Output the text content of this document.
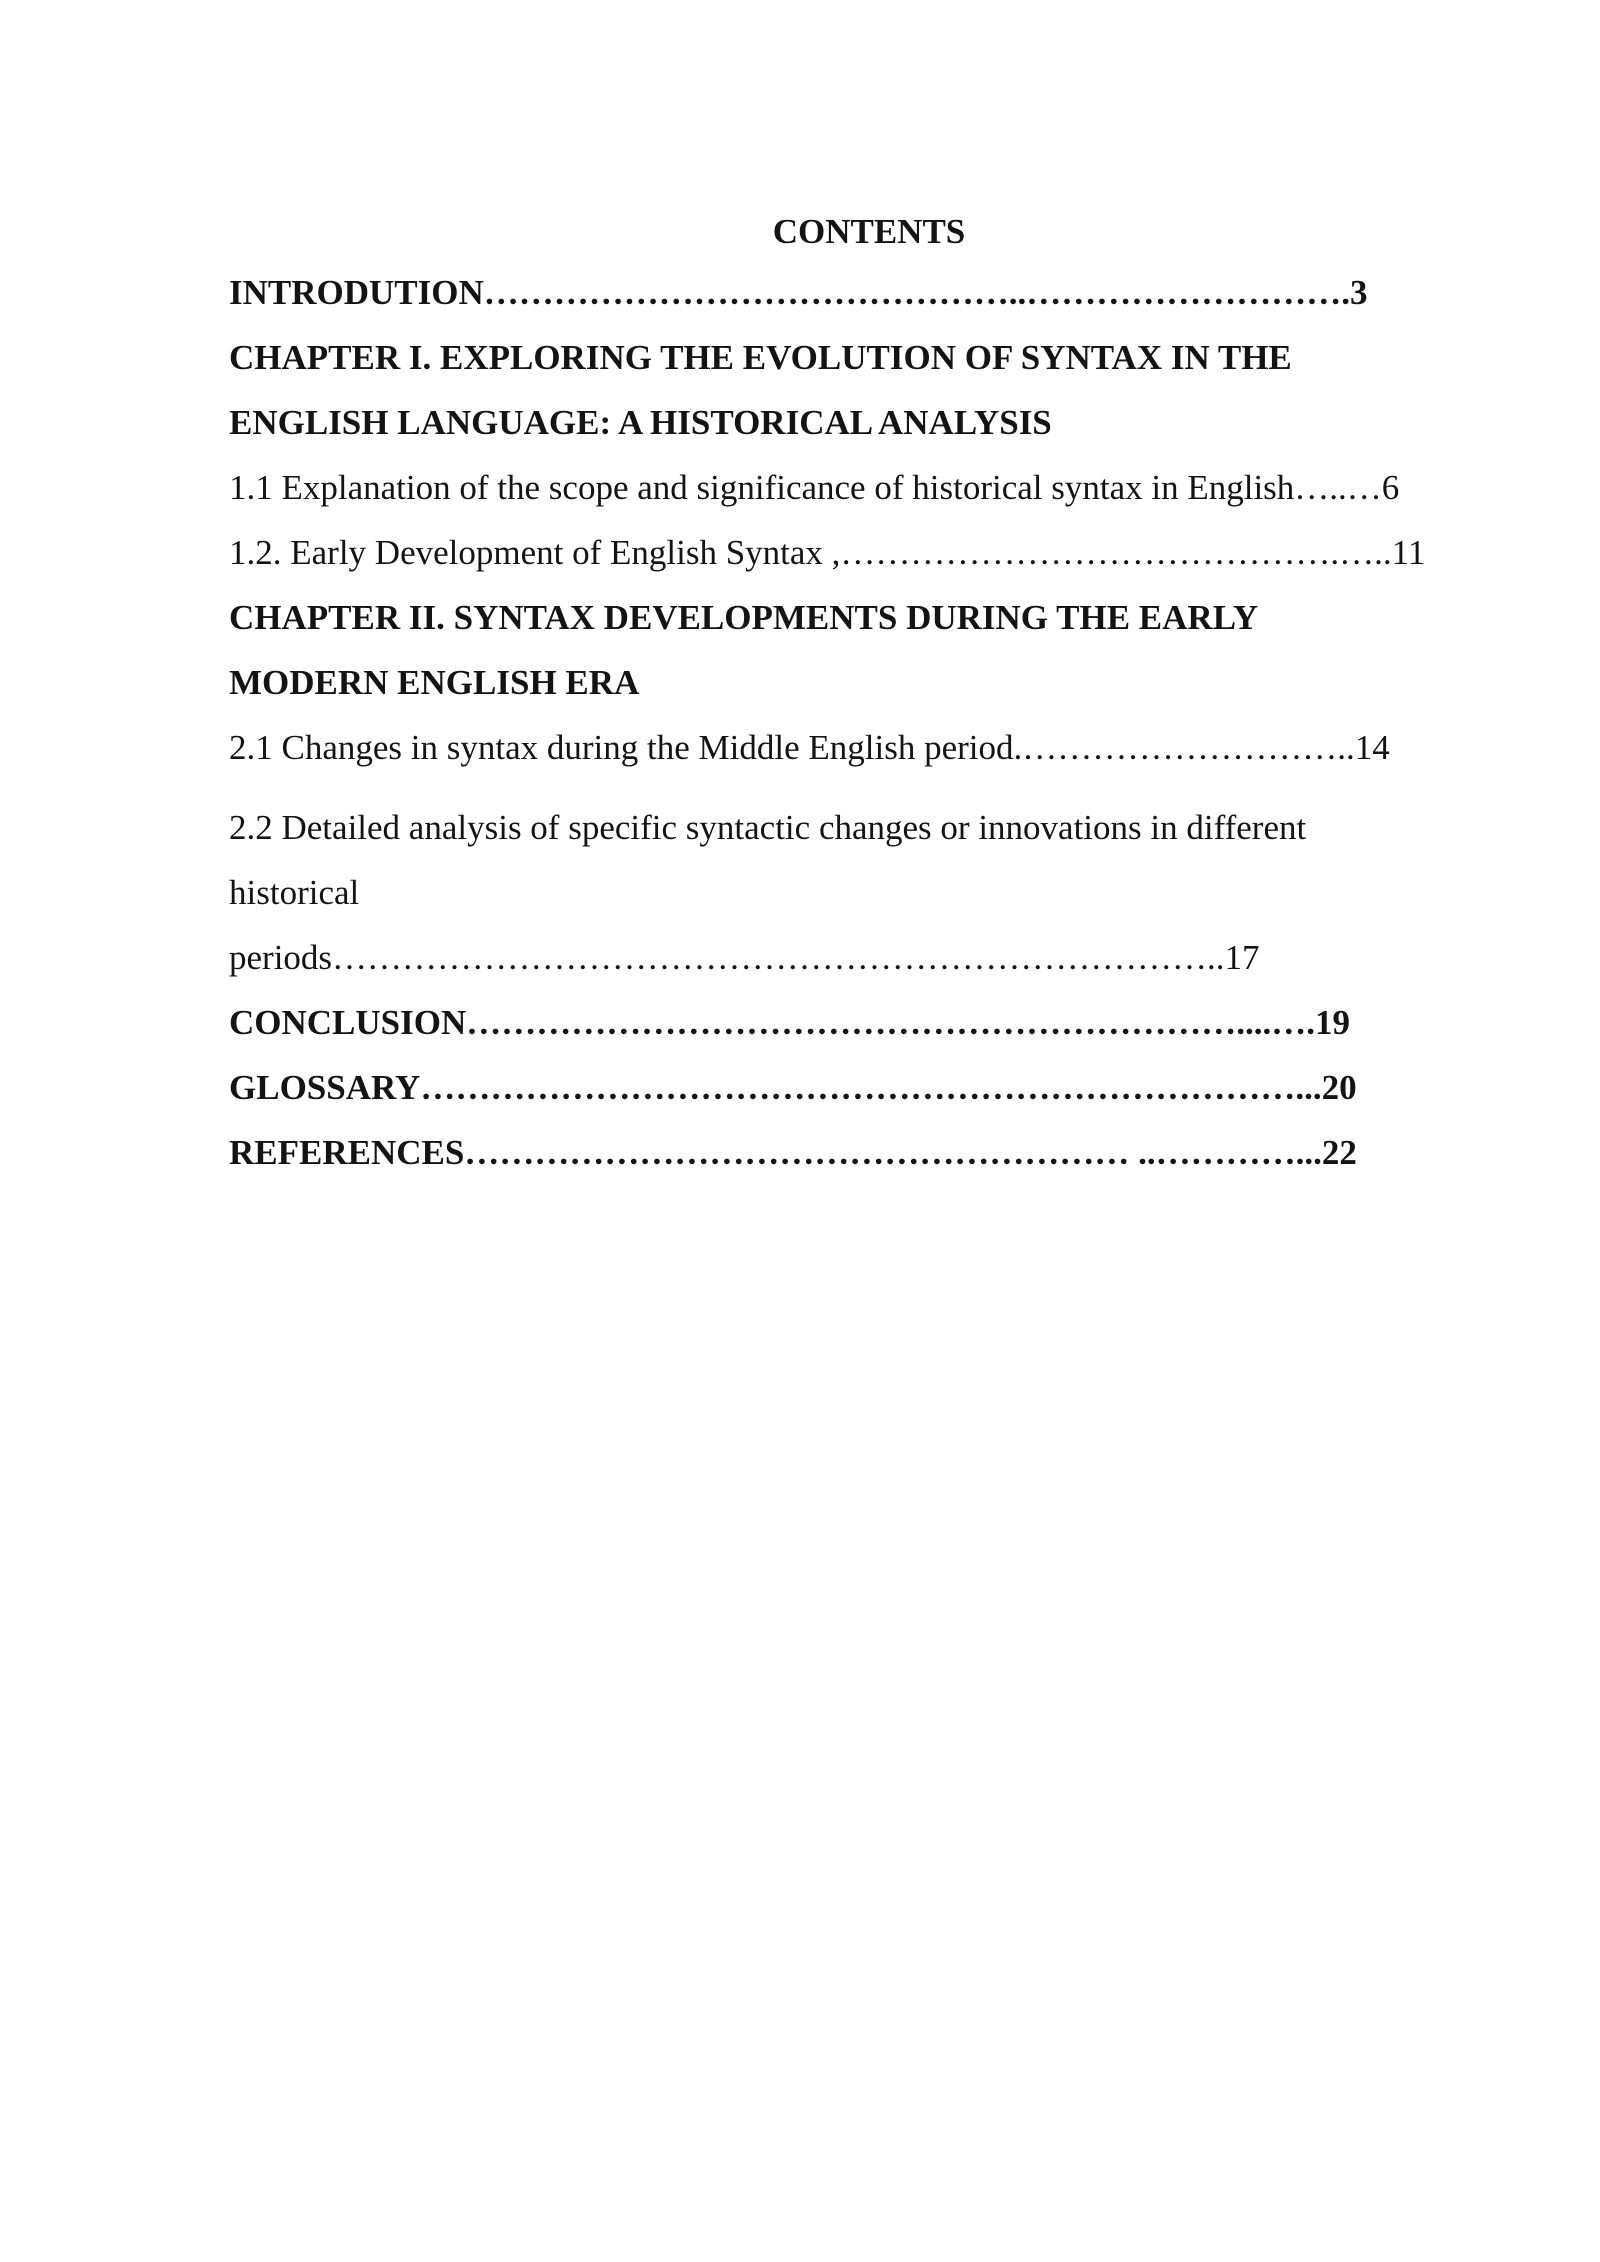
CONTENTS
INTRODUTION………………………………………..……………………….3
CHAPTER I. EXPLORING THE EVOLUTION OF SYNTAX IN THE
ENGLISH LANGUAGE: A HISTORICAL ANALYSIS
1.1 Explanation of the scope and significance of historical syntax in English…..…6
1.2. Early Development of English Syntax ,…………………………………….…..11
CHAPTER II. SYNTAX DEVELOPMENTS DURING THE EARLY
MODERN ENGLISH ERA
2.1 Changes in syntax during the Middle English period.………………………..14
2.2 Detailed analysis of specific syntactic changes or innovations in different
historical
periods…………………………………………………………………..17
CONCLUSION…………………………………………………………....….19
GLOSSARY…………………………………………………………………...20
REFERENCES………………………………………………… ..…………...22
